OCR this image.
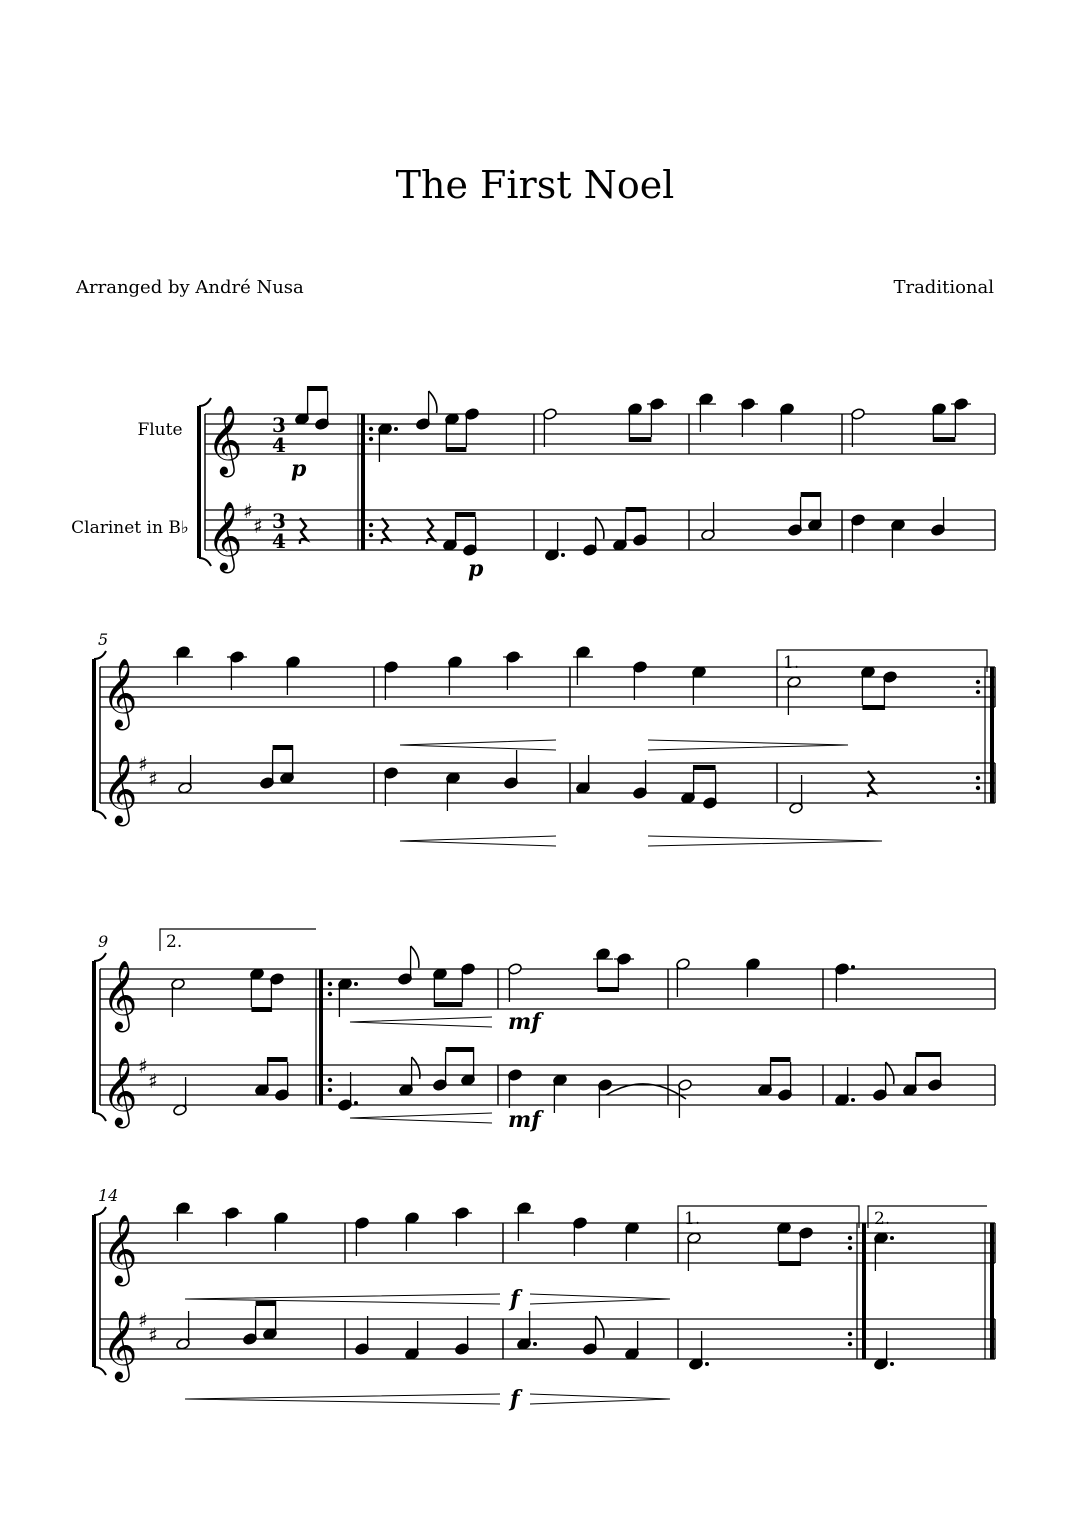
The First Noel
Arranged by André Nusa	Traditional
𝄞
𝄞 ♯
♯
Flute
Clarinet in B♭
3
4
3
4
p
p
𝄞
𝄞 ♯
♯
5
1.
𝄞
𝄞 ♯
♯
9	2.
mf
mf
𝄞
𝄞 ♯
♯
14
f
f
1.	2.
